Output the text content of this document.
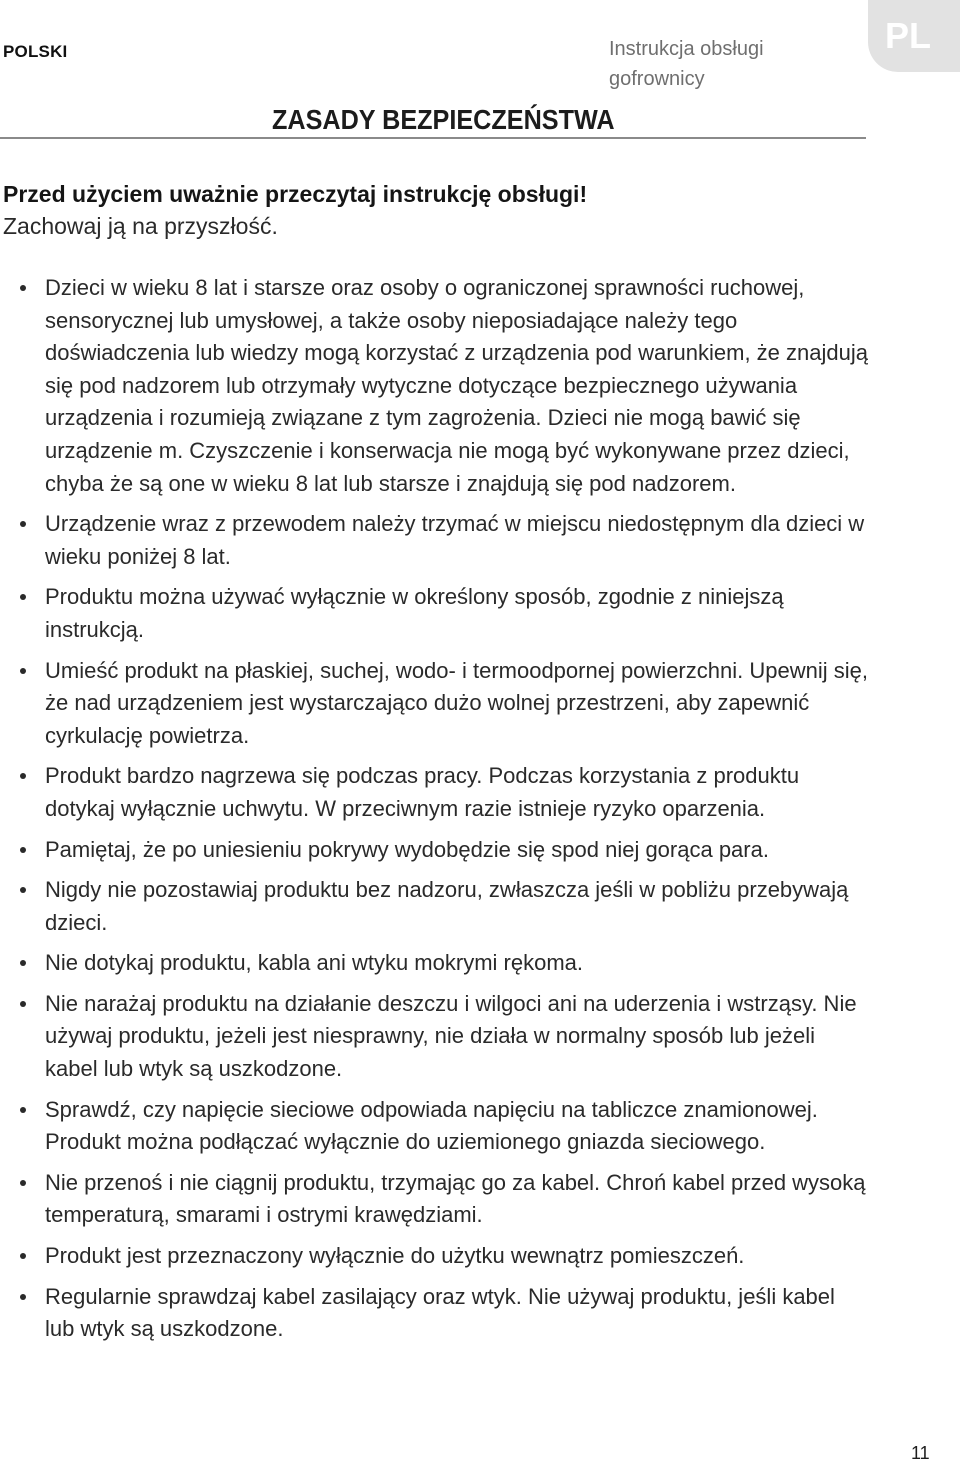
POLSKI	Instrukcja obsługi gofrownicy
PL
ZASADY BEZPIECZEŃSTWA
Przed użyciem uważnie przeczytaj instrukcję obsługi!
Zachowaj ją na przyszłość.
Dzieci w wieku 8 lat i starsze oraz osoby o ograniczonej sprawności ruchowej, sensorycznej lub umysłowej, a także osoby nieposiadające należy tego doświadczenia lub wiedzy mogą korzystać z urządzenia pod warunkiem, że znajdują się pod nadzorem lub otrzymały wytyczne dotyczące bezpiecznego używania urządzenia i rozumieją związane z tym zagrożenia. Dzieci nie mogą bawić się urządzenie m. Czyszczenie i konserwacja nie mogą być wykonywane przez dzieci, chyba że są one w wieku 8 lat lub starsze i znajdują się pod nadzorem.
Urządzenie wraz z przewodem należy trzymać w miejscu niedostępnym dla dzieci w wieku poniżej 8 lat.
Produktu można używać wyłącznie w określony sposób, zgodnie z niniejszą instrukcją.
Umieść produkt na płaskiej, suchej, wodo- i termoodpornej powierzchni. Upewnij się, że nad urządzeniem jest wystarczająco dużo wolnej przestrzeni, aby zapewnić cyrkulację powietrza.
Produkt bardzo nagrzewa się podczas pracy. Podczas korzystania z produktu dotykaj wyłącznie uchwytu. W przeciwnym razie istnieje ryzyko oparzenia.
Pamiętaj, że po uniesieniu pokrywy wydobędzie się spod niej gorąca para.
Nigdy nie pozostawiaj produktu bez nadzoru, zwłaszcza jeśli w pobliżu przebywają dzieci.
Nie dotykaj produktu, kabla ani wtyku mokrymi rękoma.
Nie narażaj produktu na działanie deszczu i wilgoci ani na uderzenia i wstrząsy. Nie używaj produktu, jeżeli jest niesprawny, nie działa w normalny sposób lub jeżeli kabel lub wtyk są uszkodzone.
Sprawdź, czy napięcie sieciowe odpowiada napięciu na tabliczce znamionowej. Produkt można podłączać wyłącznie do uziemionego gniazda sieciowego.
Nie przenoś i nie ciągnij produktu, trzymając go za kabel. Chroń kabel przed wysoką temperaturą, smarami i ostrymi krawędziami.
Produkt jest przeznaczony wyłącznie do użytku wewnątrz pomieszczeń.
Regularnie sprawdzaj kabel zasilający oraz wtyk. Nie używaj produktu, jeśli kabel lub wtyk są uszkodzone.
11
